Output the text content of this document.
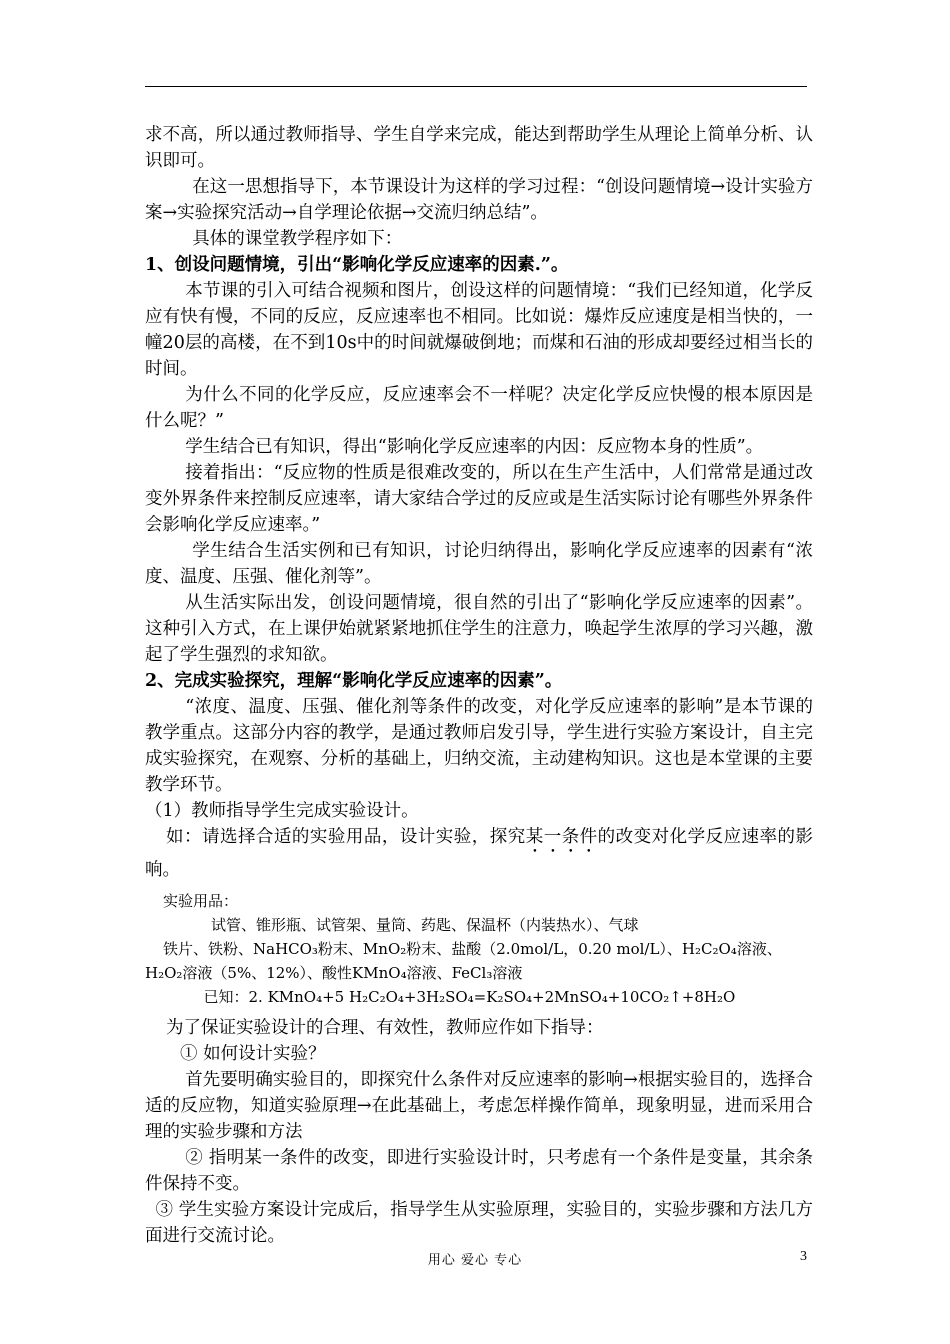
求不高，所以通过教师指导、学生自学来完成，能达到帮助学生从理论上简单分析、认识即可。

在这一思想指导下，本节课设计为这样的学习过程：“创设问题情境→设计实验方案→实验探究活动→自学理论依据→交流归纳总结”。

具体的课堂教学程序如下：

1、创设问题情境，引出“影响化学反应速率的因素.”。

本节课的引入可结合视频和图片，创设这样的问题情境：“我们已经知道，化学反应有快有慢，不同的反应，反应速率也不相同。比如说：爆炸反应速度是相当快的，一幢20层的高楼，在不到10s中的时间就爆破倒地；而煤和石油的形成却要经过相当长的时间。

为什么不同的化学反应，反应速率会不一样呢？决定化学反应快慢的根本原因是什么呢？”

学生结合已有知识，得出“影响化学反应速率的内因：反应物本身的性质”。

接着指出：“反应物的性质是很难改变的，所以在生产生活中，人们常常是通过改变外界条件来控制反应速率，请大家结合学过的反应或是生活实际讨论有哪些外界条件会影响化学反应速率。”

学生结合生活实例和已有知识，讨论归纳得出，影响化学反应速率的因素有“浓度、温度、压强、催化剂等”。

从生活实际出发，创设问题情境，很自然的引出了“影响化学反应速率的因素”。这种引入方式，在上课伊始就紧紧地抓住学生的注意力，唤起学生浓厚的学习兴趣，激起了学生强烈的求知欲。

2、完成实验探究，理解“影响化学反应速率的因素”。

“浓度、温度、压强、催化剂等条件的改变，对化学反应速率的影响”是本节课的教学重点。这部分内容的教学，是通过教师启发引导，学生进行实验方案设计，自主完成实验探究，在观察、分析的基础上，归纳交流，主动建构知识。这也是本堂课的主要教学环节。

（1）教师指导学生完成实验设计。

如：请选择合适的实验用品，设计实验，探究某一条件的改变对化学反应速率的影响。

实验用品：

试管、锥形瓶、试管架、量筒、药匙、保温杯（内装热水）、气球

铁片、铁粉、NaHCO₃粉末、MnO₂粉末、盐酸（2.0mol/L，0.20 mol/L）、H₂C₂O₄溶液、H₂O₂溶液（5%、12%）、酸性KMnO₄溶液、FeCl₃溶液

已知：2. KMnO₄+5 H₂C₂O₄+3H₂SO₄=K₂SO₄+2MnSO₄+10CO₂↑+8H₂O

为了保证实验设计的合理、有效性，教师应作如下指导：

① 如何设计实验？

首先要明确实验目的，即探究什么条件对反应速率的影响→根据实验目的，选择合适的反应物，知道实验原理→在此基础上，考虑怎样操作简单，现象明显，进而采用合理的实验步骤和方法

② 指明某一条件的改变，即进行实验设计时，只考虑有一个条件是变量，其余条件保持不变。

③ 学生实验方案设计完成后，指导学生从实验原理，实验目的，实验步骤和方法几方面进行交流讨论。

用心 爱心 专心	3
